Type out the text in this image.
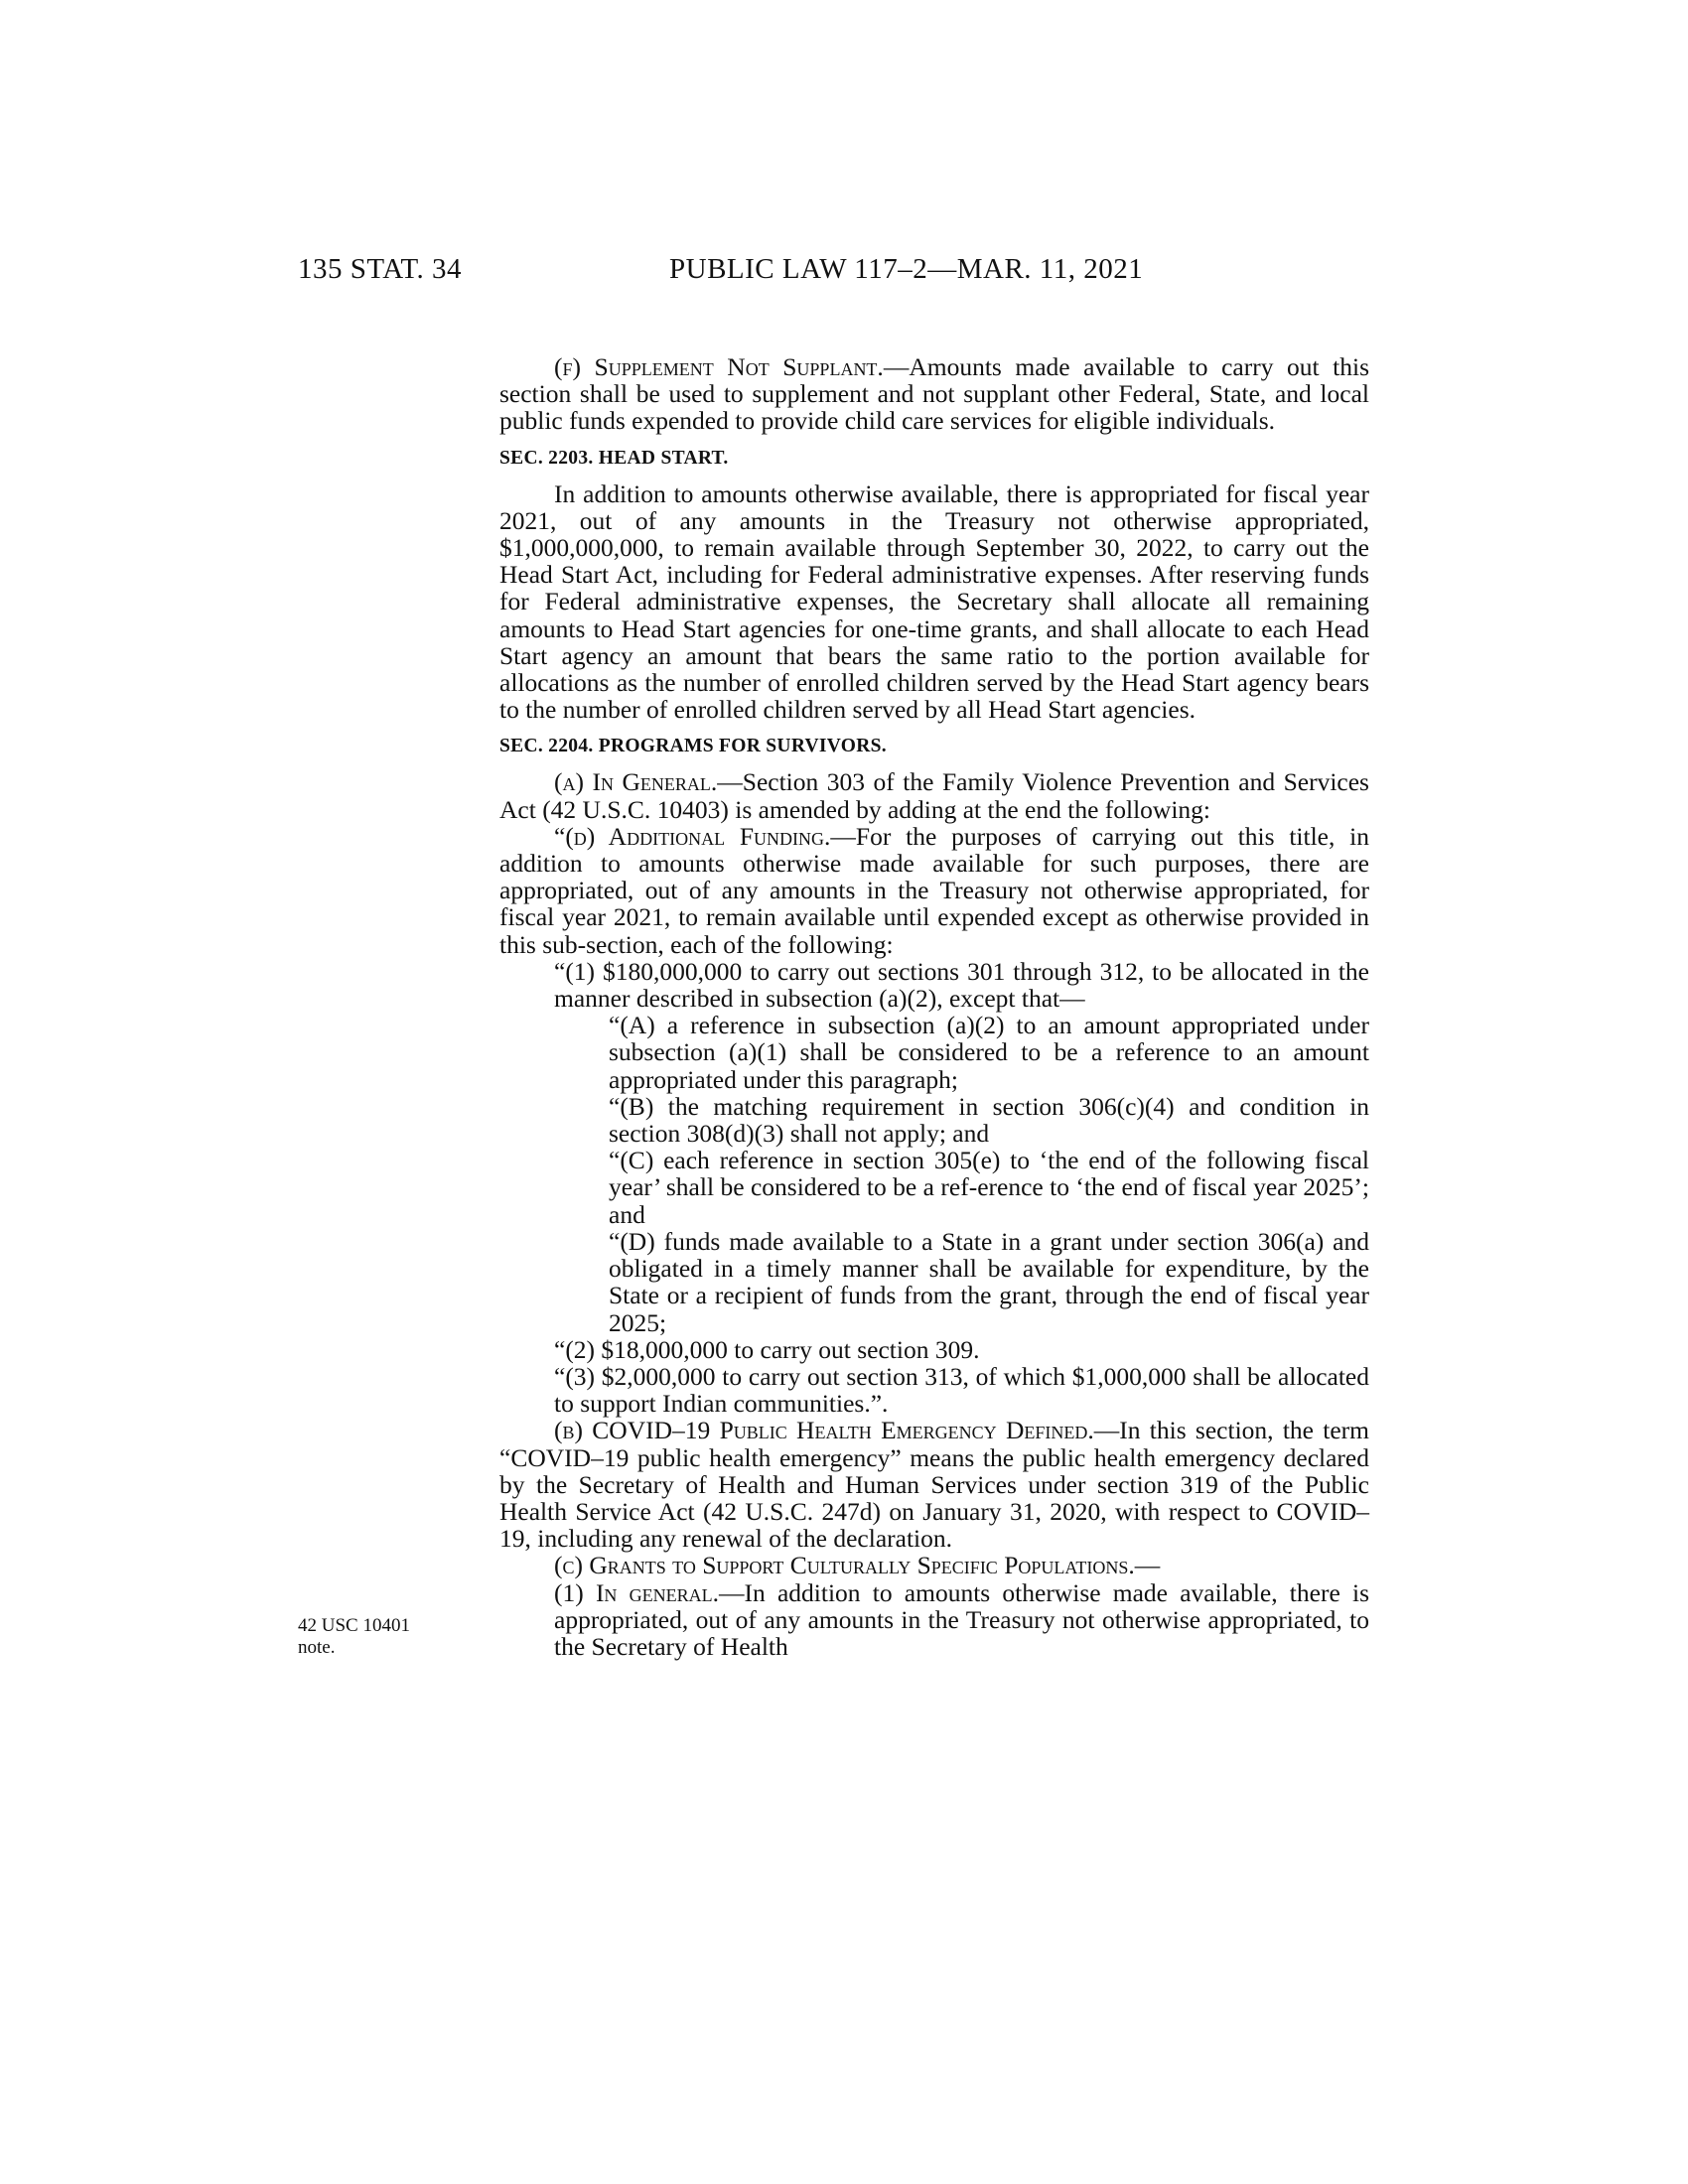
135 STAT. 34	PUBLIC LAW 117–2—MAR. 11, 2021
42 USC 10401
note.

(f) Supplement Not Supplant.—Amounts made available to carry out this section shall be used to supplement and not supplant other Federal, State, and local public funds expended to provide child care services for eligible individuals.

SEC. 2203. HEAD START.

In addition to amounts otherwise available, there is appropriated for fiscal year 2021, out of any amounts in the Treasury not otherwise appropriated, $1,000,000,000, to remain available through September 30, 2022, to carry out the Head Start Act, including for Federal administrative expenses. After reserving funds for Federal administrative expenses, the Secretary shall allocate all remaining amounts to Head Start agencies for one-time grants, and shall allocate to each Head Start agency an amount that bears the same ratio to the portion available for allocations as the number of enrolled children served by the Head Start agency bears to the number of enrolled children served by all Head Start agencies.

SEC. 2204. PROGRAMS FOR SURVIVORS.

(a) In General.—Section 303 of the Family Violence Prevention and Services Act (42 U.S.C. 10403) is amended by adding at the end the following:

“(d) Additional Funding.—For the purposes of carrying out this title, in addition to amounts otherwise made available for such purposes, there are appropriated, out of any amounts in the Treasury not otherwise appropriated, for fiscal year 2021, to remain available until expended except as otherwise provided in this sub-section, each of the following:

“(1) $180,000,000 to carry out sections 301 through 312, to be allocated in the manner described in subsection (a)(2), except that—

“(A) a reference in subsection (a)(2) to an amount appropriated under subsection (a)(1) shall be considered to be a reference to an amount appropriated under this paragraph;

“(B) the matching requirement in section 306(c)(4) and condition in section 308(d)(3) shall not apply; and

“(C) each reference in section 305(e) to ‘the end of the following fiscal year’ shall be considered to be a ref-erence to ‘the end of fiscal year 2025’; and

“(D) funds made available to a State in a grant under section 306(a) and obligated in a timely manner shall be available for expenditure, by the State or a recipient of funds from the grant, through the end of fiscal year 2025;

“(2) $18,000,000 to carry out section 309.

“(3) $2,000,000 to carry out section 313, of which $1,000,000 shall be allocated to support Indian communities.”.

(b) COVID–19 Public Health Emergency Defined.—In this section, the term “COVID–19 public health emergency” means the public health emergency declared by the Secretary of Health and Human Services under section 319 of the Public Health Service Act (42 U.S.C. 247d) on January 31, 2020, with respect to COVID–19, including any renewal of the declaration.

(c) Grants to Support Culturally Specific Populations.—

(1) In general.—In addition to amounts otherwise made available, there is appropriated, out of any amounts in the Treasury not otherwise appropriated, to the Secretary of Health
